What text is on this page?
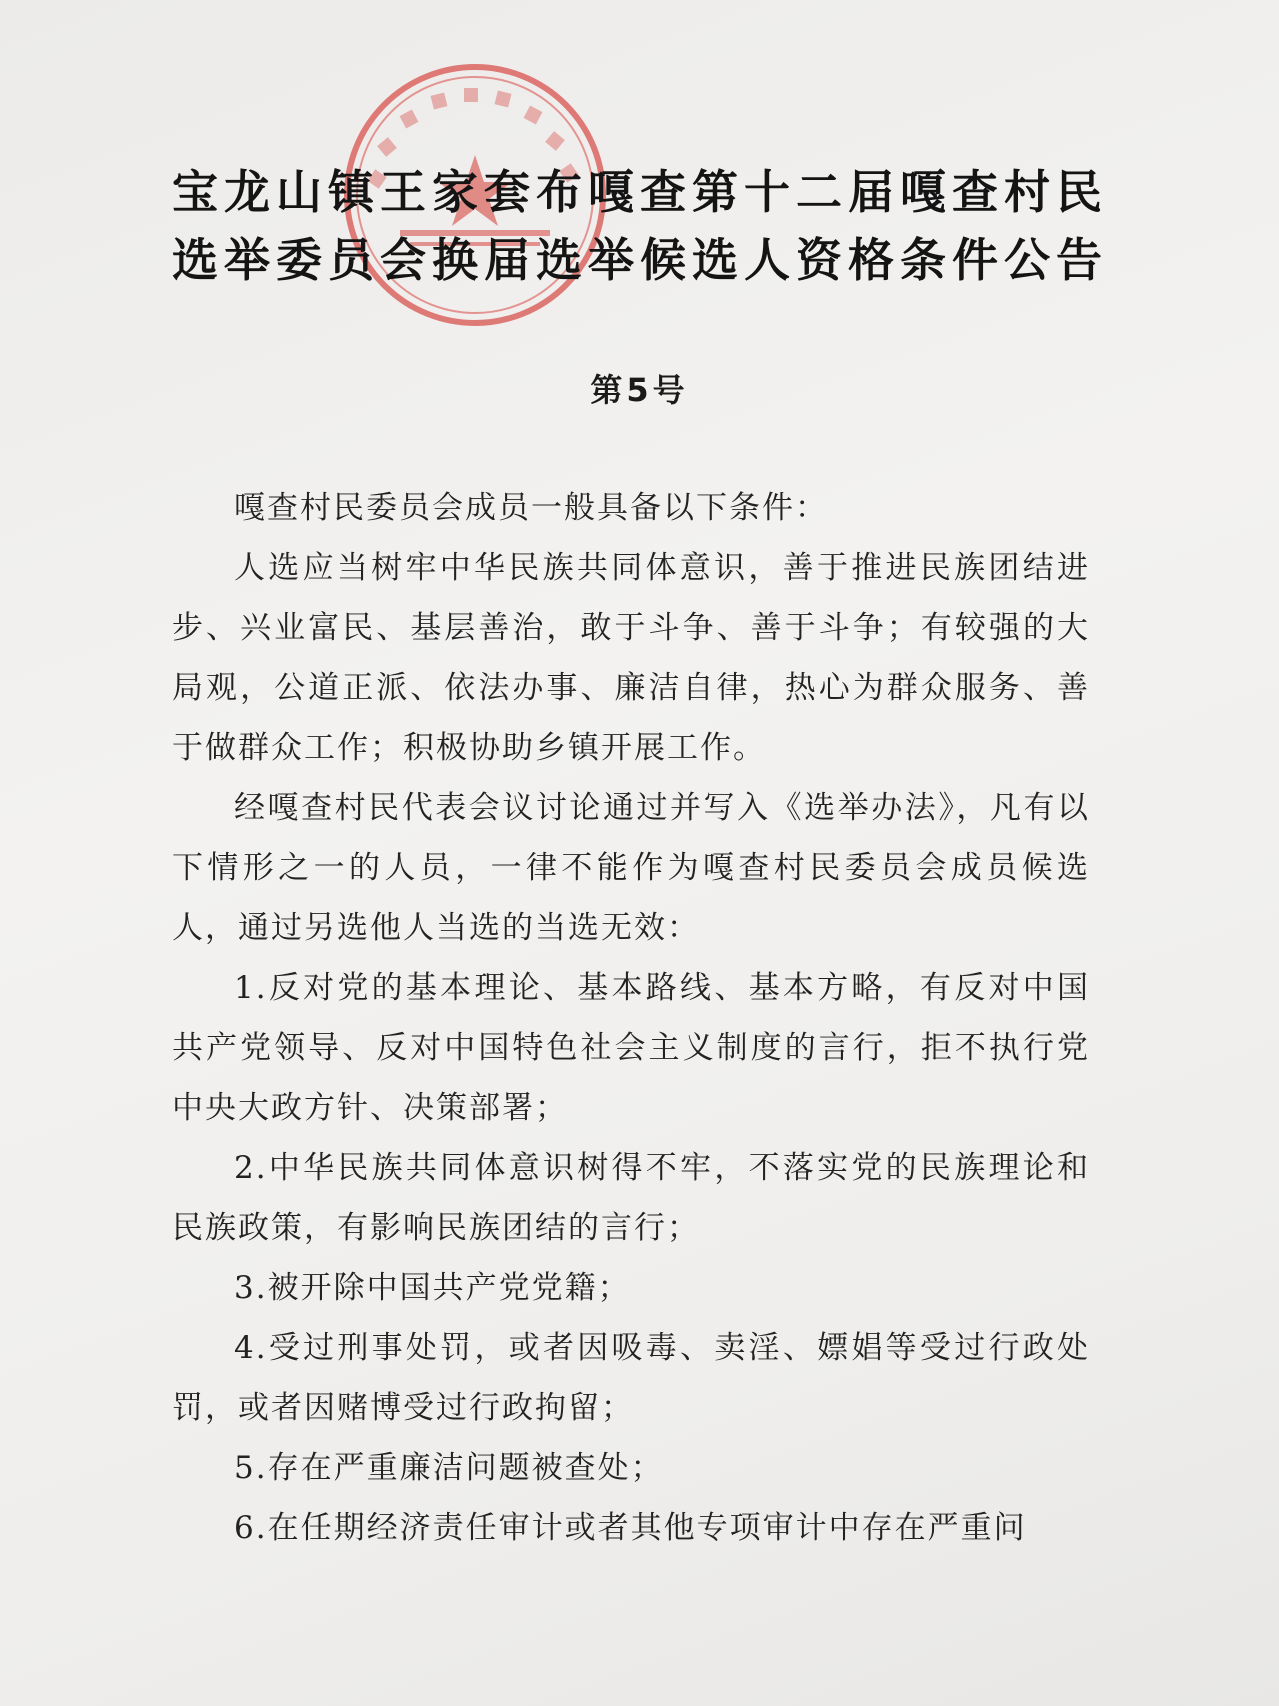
宝龙山镇王家套布嘎查第十二届嘎查村民
选举委员会换届选举候选人资格条件公告
第5号

嘎查村民委员会成员一般具备以下条件：

人选应当树牢中华民族共同体意识，善于推进民族团结进步、兴业富民、基层善治，敢于斗争、善于斗争；有较强的大局观，公道正派、依法办事、廉洁自律，热心为群众服务、善于做群众工作；积极协助乡镇开展工作。

经嘎查村民代表会议讨论通过并写入《选举办法》，凡有以下情形之一的人员，一律不能作为嘎查村民委员会成员候选人，通过另选他人当选的当选无效：

1.反对党的基本理论、基本路线、基本方略，有反对中国共产党领导、反对中国特色社会主义制度的言行，拒不执行党中央大政方针、决策部署；

2.中华民族共同体意识树得不牢，不落实党的民族理论和民族政策，有影响民族团结的言行；

3.被开除中国共产党党籍；

4.受过刑事处罚，或者因吸毒、卖淫、嫖娼等受过行政处罚，或者因赌博受过行政拘留；

5.存在严重廉洁问题被查处；

6.在任期经济责任审计或者其他专项审计中存在严重问
